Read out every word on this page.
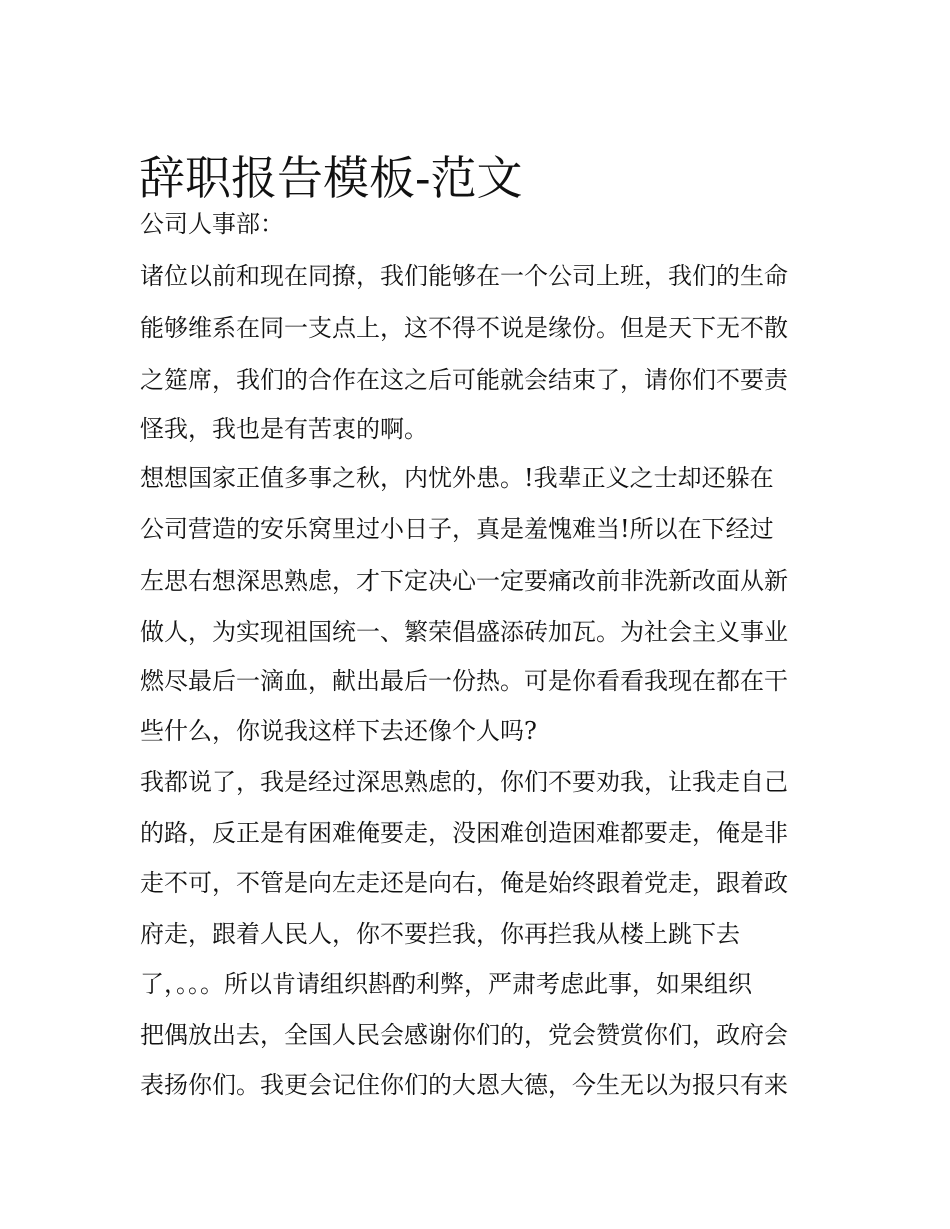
辞职报告模板-范文
公司人事部：
诸位以前和现在同撩，我们能够在一个公司上班，我们的生命
能够维系在同一支点上，这不得不说是缘份。但是天下无不散
之筵席，我们的合作在这之后可能就会结束了，请你们不要责
怪我，我也是有苦衷的啊。
想想国家正值多事之秋，内忧外患。!我辈正义之士却还躲在
公司营造的安乐窝里过小日子，真是羞愧难当!所以在下经过
左思右想深思熟虑，才下定决心一定要痛改前非洗新改面从新
做人，为实现祖国统一、繁荣倡盛添砖加瓦。为社会主义事业
燃尽最后一滴血，献出最后一份热。可是你看看我现在都在干
些什么，你说我这样下去还像个人吗?
我都说了，我是经过深思熟虑的，你们不要劝我，让我走自己
的路，反正是有困难俺要走，没困难创造困难都要走，俺是非
走不可，不管是向左走还是向右，俺是始终跟着党走，跟着政
府走，跟着人民人，你不要拦我，你再拦我从楼上跳下去
了，。。。所以肯请组织斟酌利弊，严肃考虑此事，如果组织
把偶放出去，全国人民会感谢你们的，党会赞赏你们，政府会
表扬你们。我更会记住你们的大恩大德，今生无以为报只有来
